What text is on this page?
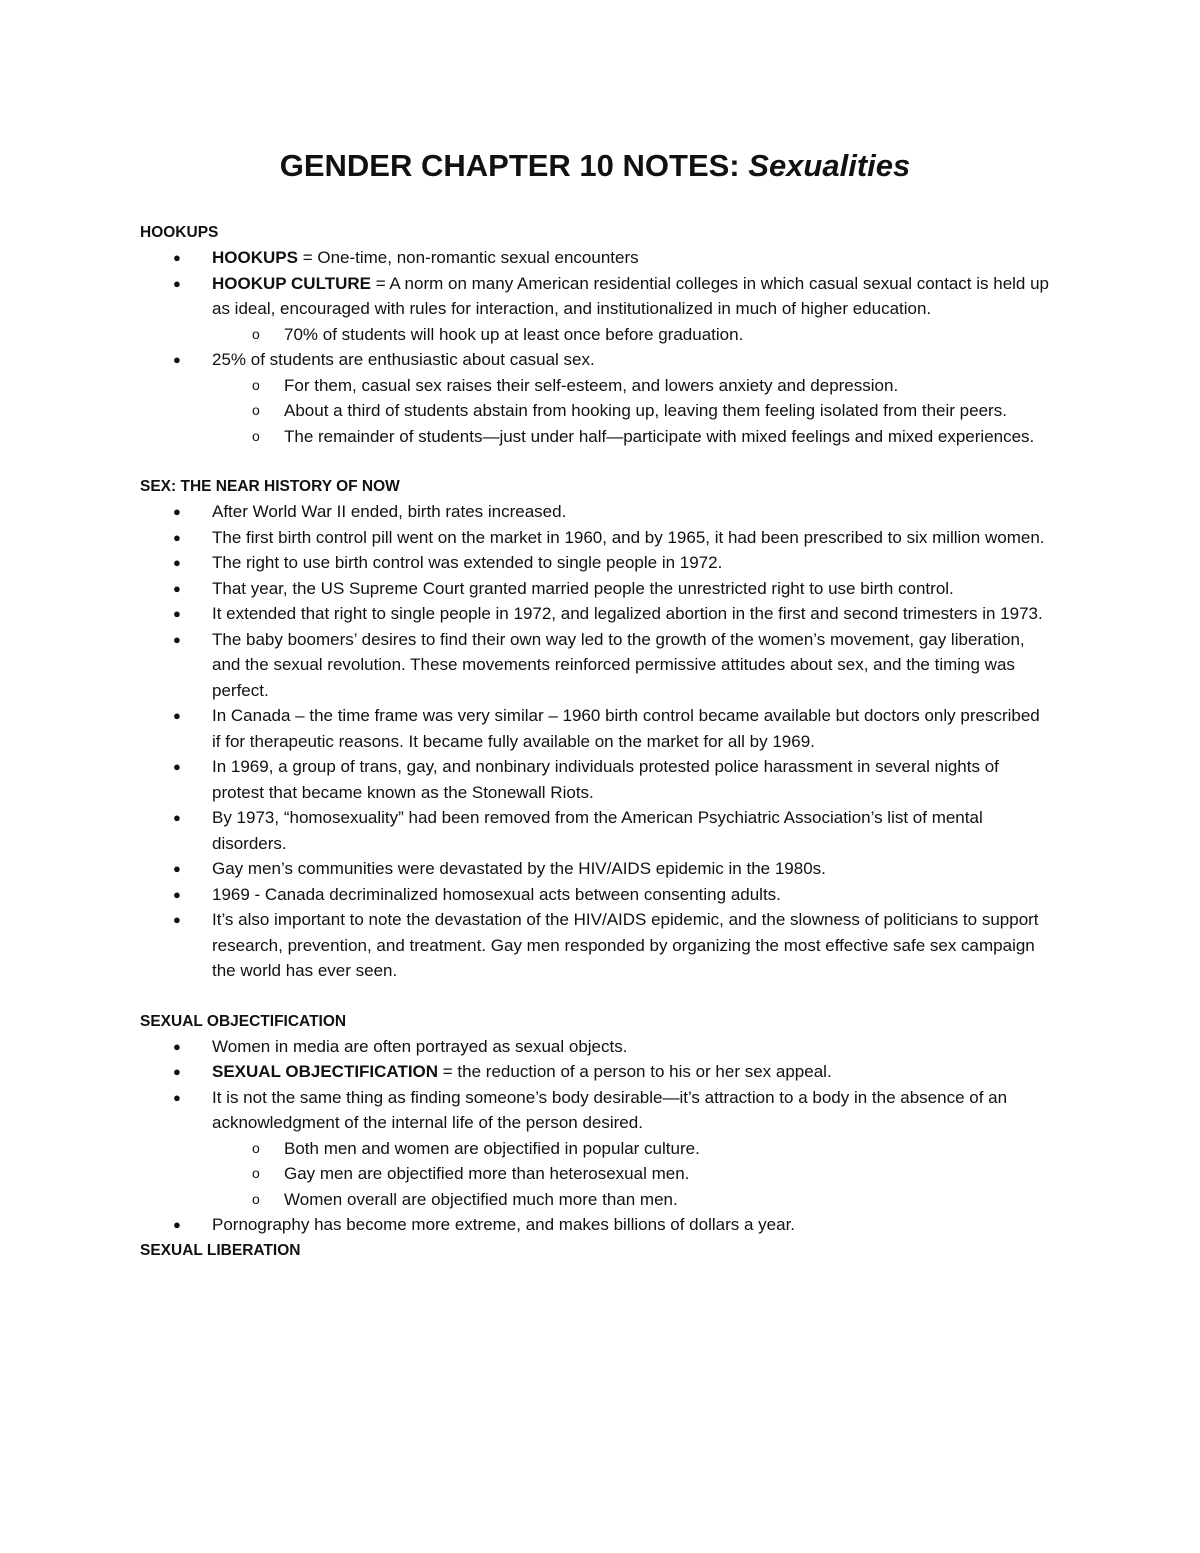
GENDER CHAPTER 10 NOTES: Sexualities
HOOKUPS
● HOOKUPS = One-time, non-romantic sexual encounters
● HOOKUP CULTURE = A norm on many American residential colleges in which casual sexual contact is held up as ideal, encouraged with rules for interaction, and institutionalized in much of higher education.
o 70% of students will hook up at least once before graduation.
● 25% of students are enthusiastic about casual sex.
o For them, casual sex raises their self-esteem, and lowers anxiety and depression.
o About a third of students abstain from hooking up, leaving them feeling isolated from their peers.
o The remainder of students—just under half—participate with mixed feelings and mixed experiences.
SEX: THE NEAR HISTORY OF NOW
● After World War II ended, birth rates increased.
● The first birth control pill went on the market in 1960, and by 1965, it had been prescribed to six million women.
● The right to use birth control was extended to single people in 1972.
● That year, the US Supreme Court granted married people the unrestricted right to use birth control.
● It extended that right to single people in 1972, and legalized abortion in the first and second trimesters in 1973.
● The baby boomers’ desires to find their own way led to the growth of the women’s movement, gay liberation, and the sexual revolution. These movements reinforced permissive attitudes about sex, and the timing was perfect.
● In Canada – the time frame was very similar – 1960 birth control became available but doctors only prescribed if for therapeutic reasons. It became fully available on the market for all by 1969.
● In 1969, a group of trans, gay, and nonbinary individuals protested police harassment in several nights of protest that became known as the Stonewall Riots.
● By 1973, “homosexuality” had been removed from the American Psychiatric Association’s list of mental disorders.
● Gay men’s communities were devastated by the HIV/AIDS epidemic in the 1980s.
● 1969 - Canada decriminalized homosexual acts between consenting adults.
● It’s also important to note the devastation of the HIV/AIDS epidemic, and the slowness of politicians to support research, prevention, and treatment. Gay men responded by organizing the most effective safe sex campaign the world has ever seen.
SEXUAL OBJECTIFICATION
● Women in media are often portrayed as sexual objects.
● SEXUAL OBJECTIFICATION = the reduction of a person to his or her sex appeal.
● It is not the same thing as finding someone’s body desirable—it’s attraction to a body in the absence of an acknowledgment of the internal life of the person desired.
o Both men and women are objectified in popular culture.
o Gay men are objectified more than heterosexual men.
o Women overall are objectified much more than men.
● Pornography has become more extreme, and makes billions of dollars a year.
SEXUAL LIBERATION
